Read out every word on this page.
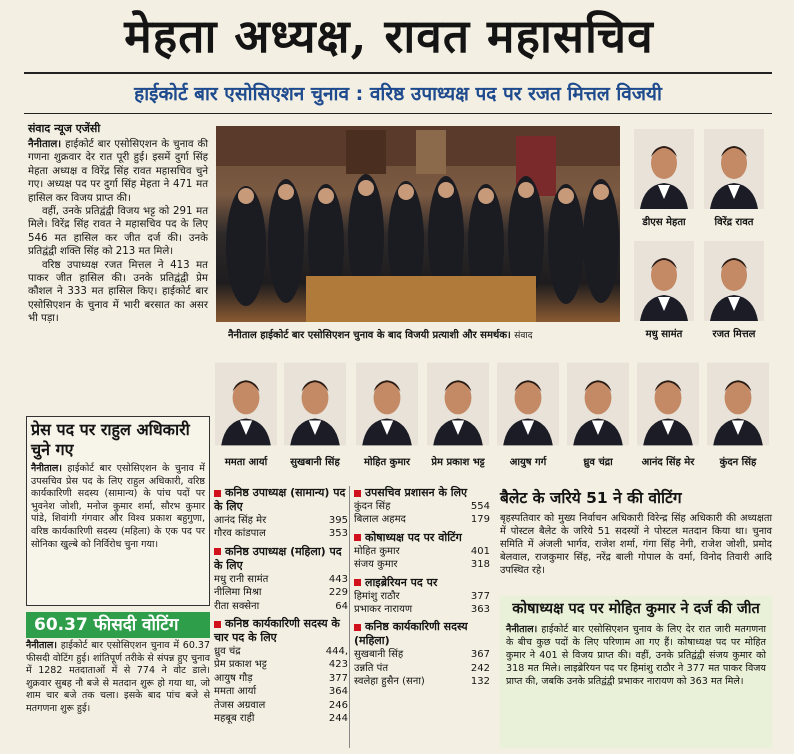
मेहता अध्यक्ष, रावत महासचिव
हाईकोर्ट बार एसोसिएशन चुनाव : वरिष्ठ उपाध्यक्ष पद पर रजत मित्तल विजयी
संवाद न्यूज एजेंसी

नैनीताल। हाईकोर्ट बार एसोसिएशन के चुनाव की गणना शुक्रवार देर रात पूरी हुई। इसमें दुर्गा सिंह मेहता अध्यक्ष व विरेंद्र सिंह रावत महासचिव चुने गए। अध्यक्ष पद पर दुर्गा सिंह मेहता ने 471 मत हासिल कर विजय प्राप्त की।

वहीं, उनके प्रतिद्वंद्वी विजय भट्ट को 291 मत मिले। विरेंद्र सिंह रावत ने महासचिव पद के लिए 546 मत हासिल कर जीत दर्ज की। उनके प्रतिद्वंद्वी शक्ति सिंह को 213 मत मिले।

वरिष्ठ उपाध्यक्ष रजत मित्तल ने 413 मत पाकर जीत हासिल की। उनके प्रतिद्वंद्वी प्रेम कौशल ने 333 मत हासिल किए। हाईकोर्ट बार एसोसिएशन के चुनाव में भारी बरसात का असर भी पड़ा।

प्रेस पद पर राहुल अधिकारी चुने गए

नैनीताल। हाईकोर्ट बार एसोसिएशन के चुनाव में उपसचिव प्रेस पद के लिए राहुल अधिकारी, वरिष्ठ कार्यकारिणी सदस्य (सामान्य) के पांच पदों पर भुवनेश जोशी, मनोज कुमार शर्मा, सौरभ कुमार पांडे, शिवांगी गंगवार और विश्व प्रकाश बहुगुणा, वरिष्ठ कार्यकारिणी सदस्य (महिला) के एक पद पर सोनिका खुल्बे को निर्विरोध चुना गया।

60.37 फीसदी वोटिंग

नैनीताल। हाईकोर्ट बार एसोसिएशन चुनाव में 60.37 फीसदी वोटिंग हुई। शांतिपूर्ण तरीके से संपन्न हुए चुनाव में 1282 मतदाताओं में से 774 ने वोट डाले। शुक्रवार सुबह नौ बजे से मतदान शुरू हो गया था, जो शाम चार बजे तक चला। इसके बाद पांच बजे से मतगणना शुरू हुई।

नैनीताल हाईकोर्ट बार एसोसिएशन चुनाव के बाद विजयी प्रत्याशी और समर्थक। संवाद
डीएस मेहता	विरेंद्र रावत
मधु सामंत	रजत मित्तल
ममता आर्या	सुखबानी सिंह	मोहित कुमार	प्रेम प्रकाश भट्ट	आयुष गर्ग	ध्रुव चंद्रा	आनंद सिंह मेर	कुंदन सिंह
कनिष्ठ उपाध्यक्ष (सामान्य) पद के लिए
आनंद सिंह मेर	395
गौरव कांडपाल	353
कनिष्ठ उपाध्यक्ष (महिला) पद के लिए
मधु रानी सामंत	443
नीलिमा मिश्रा	229
रीता सक्सेना	64
कनिष्ठ कार्यकारिणी सदस्य के चार पद के लिए
ध्रुव चंद्र	444,
प्रेम प्रकाश भट्ट	423
आयुष गौड़	377
ममता आर्या	364
तेजस अग्रवाल	246
महबूब राही	244
उपसचिव प्रशासन के लिए
कुंदन सिंह	554
बिलाल अहमद	179
कोषाध्यक्ष पद पर वोटिंग
मोहित कुमार	401
संजय कुमार	318
लाइब्रेरियन पद पर
हिमांशु राठौर	377
प्रभाकर नारायण	363
कनिष्ठ कार्यकारिणी सदस्य (महिला)
सुखबानी सिंह	367
उन्नति पंत	242
स्वलेहा हुसैन (सना)	132
बैलेट के जरिये 51 ने की वोटिंग

बृहस्पतिवार को मुख्य निर्वाचन अधिकारी विरेन्द्र सिंह अधिकारी की अध्यक्षता में पोस्टल बैलेट के जरिये 51 सदस्यों ने पोस्टल मतदान किया था। चुनाव समिति में अंजली भार्गव, राजेश शर्मा, गंगा सिंह नेगी, राजेश जोशी, प्रमोद बेलवाल, राजकुमार सिंह, नरेंद्र बाली गोपाल के वर्मा, विनोद तिवारी आदि उपस्थित रहे।

कोषाध्यक्ष पद पर मोहित कुमार ने दर्ज की जीत

नैनीताल। हाईकोर्ट बार एसोसिएशन चुनाव के लिए देर रात जारी मतगणना के बीच कुछ पदों के लिए परिणाम आ गए हैं। कोषाध्यक्ष पद पर मोहित कुमार ने 401 से विजय प्राप्त की। वहीं, उनके प्रतिद्वंद्वी संजय कुमार को 318 मत मिले। लाइब्रेरियन पद पर हिमांशु राठौर ने 377 मत पाकर विजय प्राप्त की, जबकि उनके प्रतिद्वंद्वी प्रभाकर नारायण को 363 मत मिले।
